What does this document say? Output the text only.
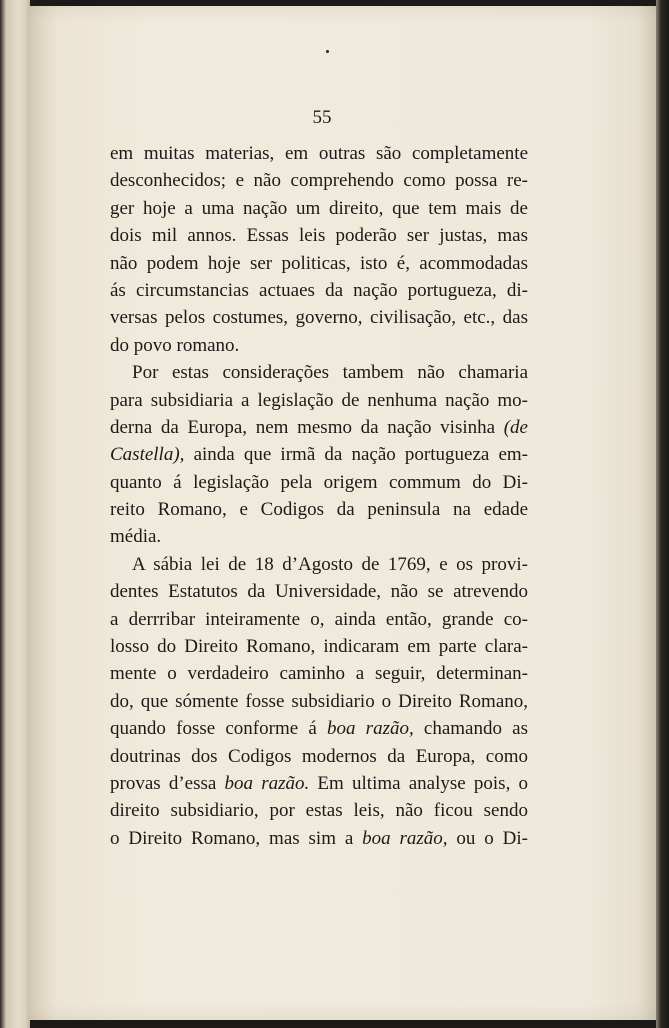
55
em muitas materias, em outras são completamente
desconhecidos; e não comprehendo como possa re-
ger hoje a uma nação um direito, que tem mais de
dois mil annos. Essas leis poderão ser justas, mas
não podem hoje ser politicas, isto é, acommodadas
ás circumstancias actuaes da nação portugueza, di-
versas pelos costumes, governo, civilisação, etc., das
do povo romano.
Por estas considerações tambem não chamaria
para subsidiaria a legislação de nenhuma nação mo-
derna da Europa, nem mesmo da nação visinha (de
Castella), ainda que irmã da nação portugueza em-
quanto á legislação pela origem commum do Di-
reito Romano, e Codigos da peninsula na edade
média.
A sábia lei de 18 d’Agosto de 1769, e os provi-
dentes Estatutos da Universidade, não se atrevendo
a derrribar inteiramente o, ainda então, grande co-
losso do Direito Romano, indicaram em parte clara-
mente o verdadeiro caminho a seguir, determinan-
do, que sómente fosse subsidiario o Direito Romano,
quando fosse conforme á boa razão, chamando as
doutrinas dos Codigos modernos da Europa, como
provas d’essa boa razão. Em ultima analyse pois, o
direito subsidiario, por estas leis, não ficou sendo
o Direito Romano, mas sim a boa razão, ou o Di-
